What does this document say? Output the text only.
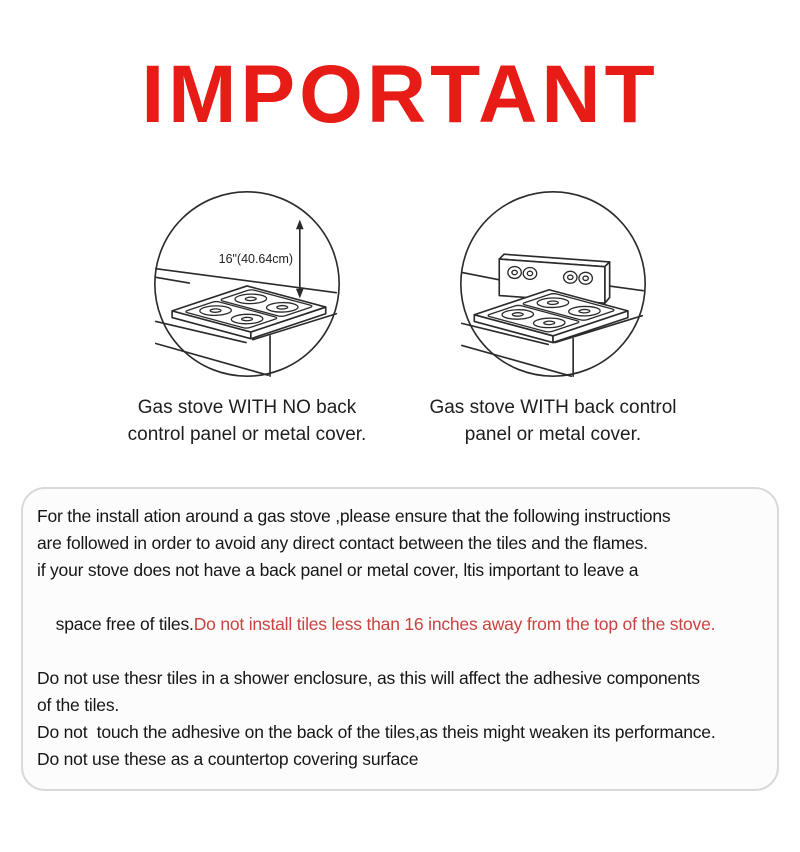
IMPORTANT
16"(40.64cm)
Gas stove WITH NO back
control panel or metal cover.
Gas stove WITH back control
panel or metal cover.
For the install ation around a gas stove ,please ensure that the following instructions
are followed in order to avoid any direct contact between the tiles and the flames.
if your stove does not have a back panel or metal cover, ltis important to leave a

space free of tiles.Do not install tiles less than 16 inches away from the top of the stove.

Do not use thesr tiles in a shower enclosure, as this will affect the adhesive components
of the tiles.
Do not  touch the adhesive on the back of the tiles,as theis might weaken its performance.
Do not use these as a countertop covering surface
